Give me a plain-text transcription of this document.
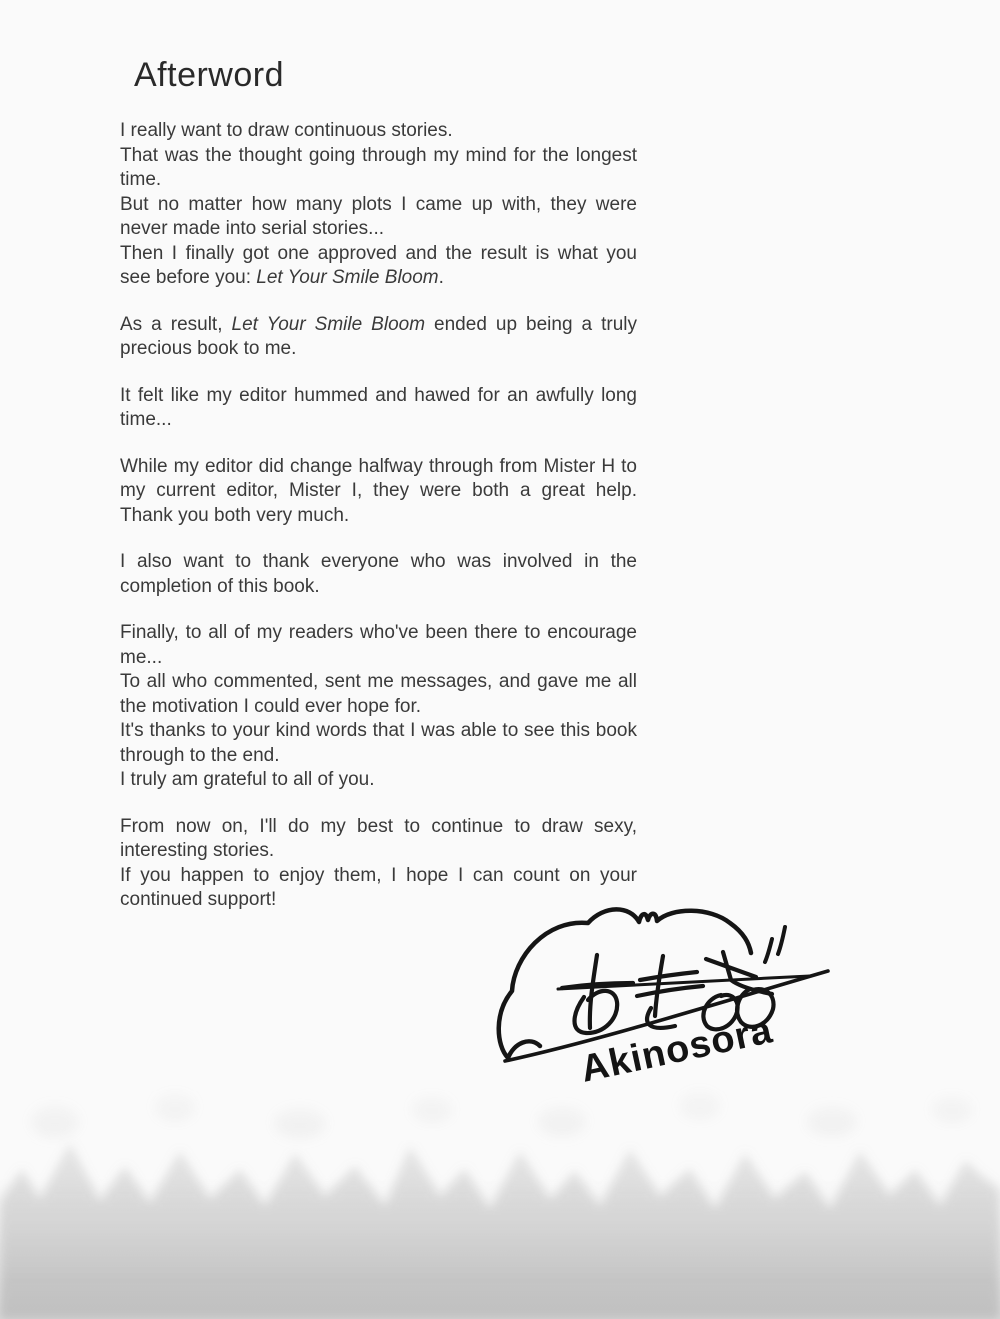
Afterword
I really want to draw continuous stories.
That was the thought going through my mind for the longest time.
But no matter how many plots I came up with, they were never made into serial stories...
Then I finally got one approved and the result is what you see before you: Let Your Smile Bloom.
As a result, Let Your Smile Bloom ended up being a truly precious book to me.
It felt like my editor hummed and hawed for an awfully long time...
While my editor did change halfway through from Mister H to my current editor, Mister I, they were both a great help. Thank you both very much.
I also want to thank everyone who was involved in the completion of this book.
Finally, to all of my readers who've been there to encourage me...
To all who commented, sent me messages, and gave me all the motivation I could ever hope for.
It's thanks to your kind words that I was able to see this book through to the end.
I truly am grateful to all of you.
From now on, I'll do my best to continue to draw sexy, interesting stories.
If you happen to enjoy them, I hope I can count on your continued support!
Akinosora
